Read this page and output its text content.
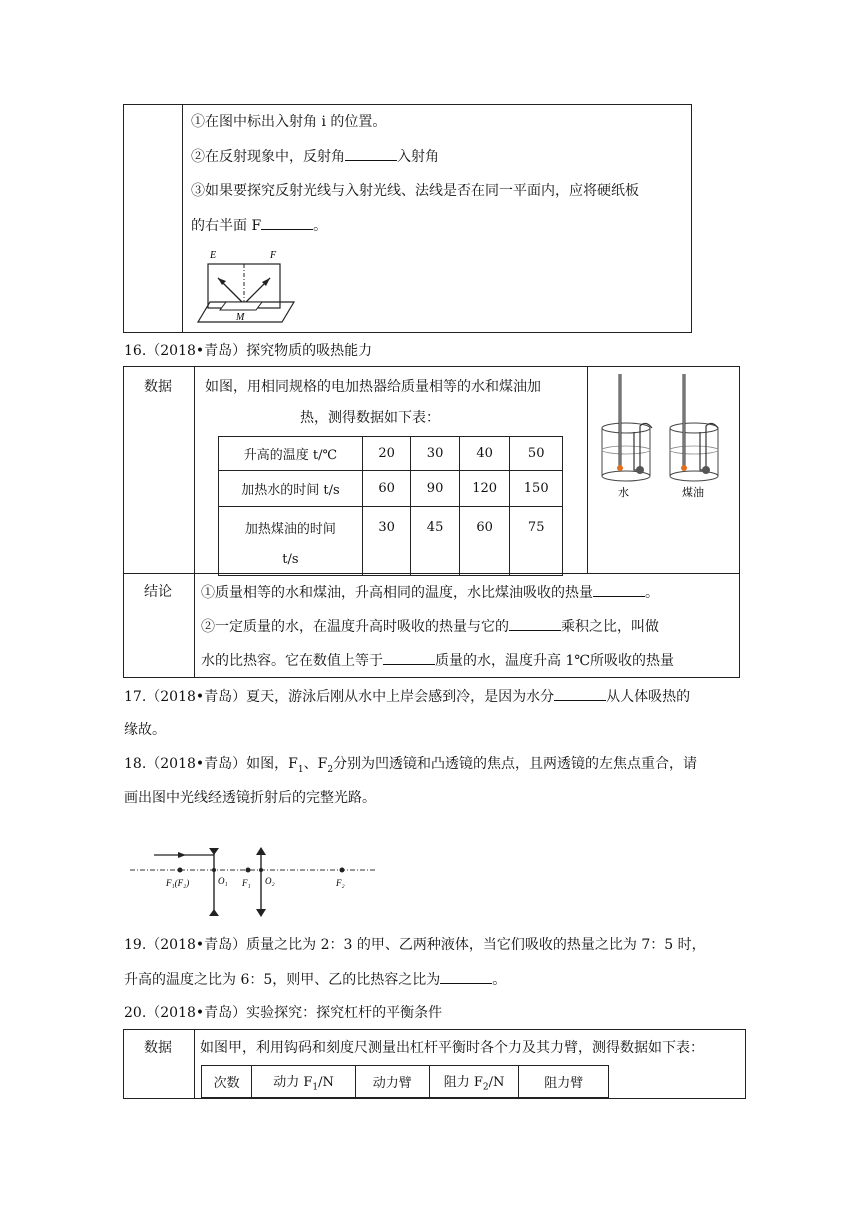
①在图中标出入射角 i 的位置。
②在反射现象中，反射角	入射角
③如果要探究反射光线与入射光线、法线是否在同一平面内，应将硬纸板
的右半面 F	。
E	F
M
16.（2018•青岛）探究物质的吸热能力
数据 如图，用相同规格的电加热器给质量相等的水和煤油加
热，测得数据如下表：
升高的温度 t/℃	20	30	40	50
加热水的时间 t/s	60	90	120	150

加热煤油的时间
t/s	30	45	60	75
水	煤油
结论 ①质量相等的水和煤油，升高相同的温度，水比煤油吸收的热量	。
②一定质量的水，在温度升高时吸收的热量与它的	乘积之比，叫做
水的比热容。它在数值上等于	质量的水，温度升高 1℃所吸收的热量
17.（2018•青岛）夏天，游泳后刚从水中上岸会感到冷，是因为水分	从人体吸热的
缘故。
18.（2018•青岛）如图，$F_1$、$F_2$分别为凹透镜和凸透镜的焦点，且两透镜的左焦点重合，请
画出图中光线经透镜折射后的完整光路。
F₁(F₂)	O₁ F₁ O₂	F₂
19.（2018•青岛）质量之比为 2：3 的甲、乙两种液体，当它们吸收的热量之比为 7：5 时，
升高的温度之比为 6：5，则甲、乙的比热容之比为	。
20.（2018•青岛）实验探究：探究杠杆的平衡条件
数据 如图甲，利用钩码和刻度尺测量出杠杆平衡时各个力及其力臂，测得数据如下表：
次数	动力 $F_1/N$	动力臂	阻力 $F_2/N$	阻力臂
